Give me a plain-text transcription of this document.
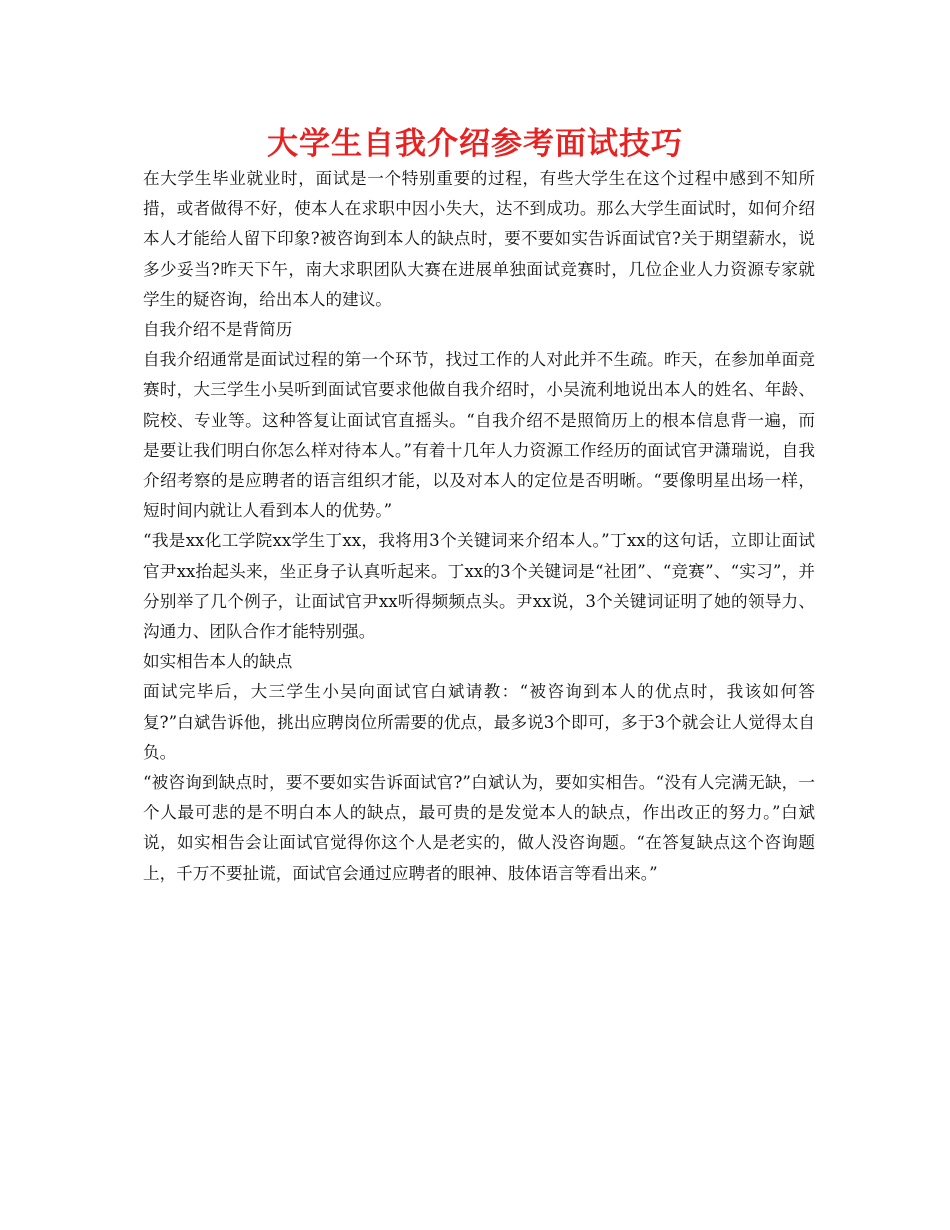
大学生自我介绍参考面试技巧

在大学生毕业就业时，面试是一个特别重要的过程，有些大学生在这个过程中感到不知所措，或者做得不好，使本人在求职中因小失大，达不到成功。那么大学生面试时，如何介绍本人才能给人留下印象?被咨询到本人的缺点时，要不要如实告诉面试官?关于期望薪水，说多少妥当?昨天下午，南大求职团队大赛在进展单独面试竞赛时，几位企业人力资源专家就学生的疑咨询，给出本人的建议。

自我介绍不是背简历

自我介绍通常是面试过程的第一个环节，找过工作的人对此并不生疏。昨天，在参加单面竞赛时，大三学生小吴听到面试官要求他做自我介绍时，小吴流利地说出本人的姓名、年龄、院校、专业等。这种答复让面试官直摇头。“自我介绍不是照简历上的根本信息背一遍，而是要让我们明白你怎么样对待本人。”有着十几年人力资源工作经历的面试官尹潇瑞说，自我介绍考察的是应聘者的语言组织才能，以及对本人的定位是否明晰。“要像明星出场一样，短时间内就让人看到本人的优势。”

“我是xx化工学院xx学生丁xx，我将用3个关键词来介绍本人。”丁xx的这句话，立即让面试官尹xx抬起头来，坐正身子认真听起来。丁xx的3个关键词是“社团”、“竞赛”、“实习”，并分别举了几个例子，让面试官尹xx听得频频点头。尹xx说，3个关键词证明了她的领导力、沟通力、团队合作才能特别强。

如实相告本人的缺点

面试完毕后，大三学生小吴向面试官白斌请教：“被咨询到本人的优点时，我该如何答复?”白斌告诉他，挑出应聘岗位所需要的优点，最多说3个即可，多于3个就会让人觉得太自负。

“被咨询到缺点时，要不要如实告诉面试官?”白斌认为，要如实相告。“没有人完满无缺，一个人最可悲的是不明白本人的缺点，最可贵的是发觉本人的缺点，作出改正的努力。”白斌说，如实相告会让面试官觉得你这个人是老实的，做人没咨询题。“在答复缺点这个咨询题上，千万不要扯谎，面试官会通过应聘者的眼神、肢体语言等看出来。”
